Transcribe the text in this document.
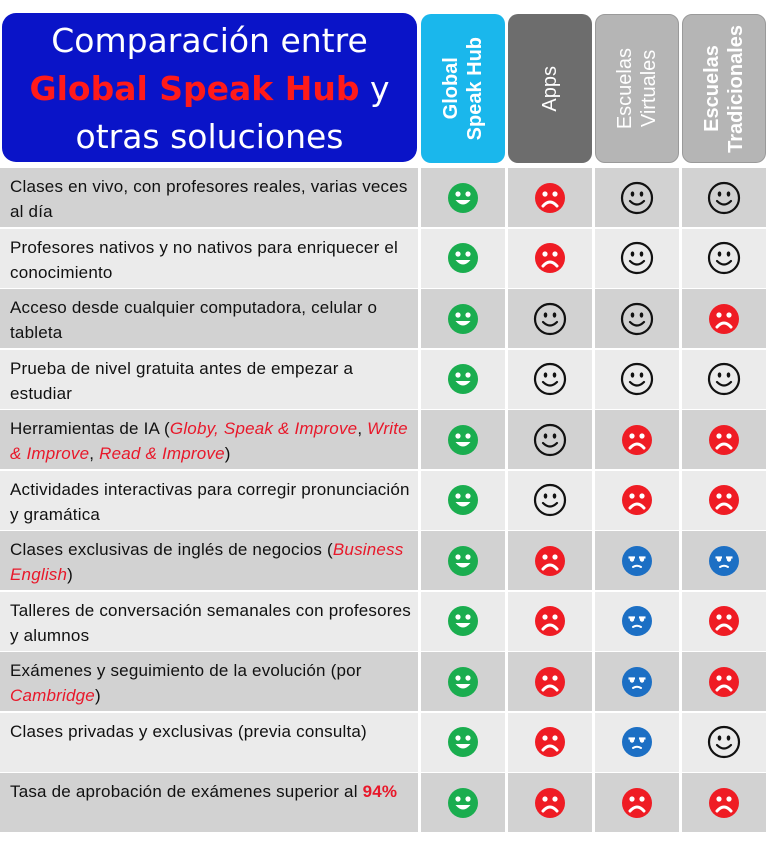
Comparación entre
Global Speak Hub y
otras soluciones
Global
Speak Hub
Apps	Escuelas
Virtuales Escuelas
Tradicionales
Clases en vivo, con profesores reales, varias veces al día
Profesores nativos y no nativos para enriquecer el conocimiento
Acceso desde cualquier computadora, celular o tableta
Prueba de nivel gratuita antes de empezar a estudiar
Herramientas de IA (Globy, Speak & Improve, Write & Improve, Read & Improve)
Actividades interactivas para corregir pronunciación y gramática
Clases exclusivas de inglés de negocios (Business English)
Talleres de conversación semanales con profesores y alumnos
Exámenes y seguimiento de la evolución (por Cambridge)
Clases privadas y exclusivas (previa consulta)
Tasa de aprobación de exámenes superior al 94%
